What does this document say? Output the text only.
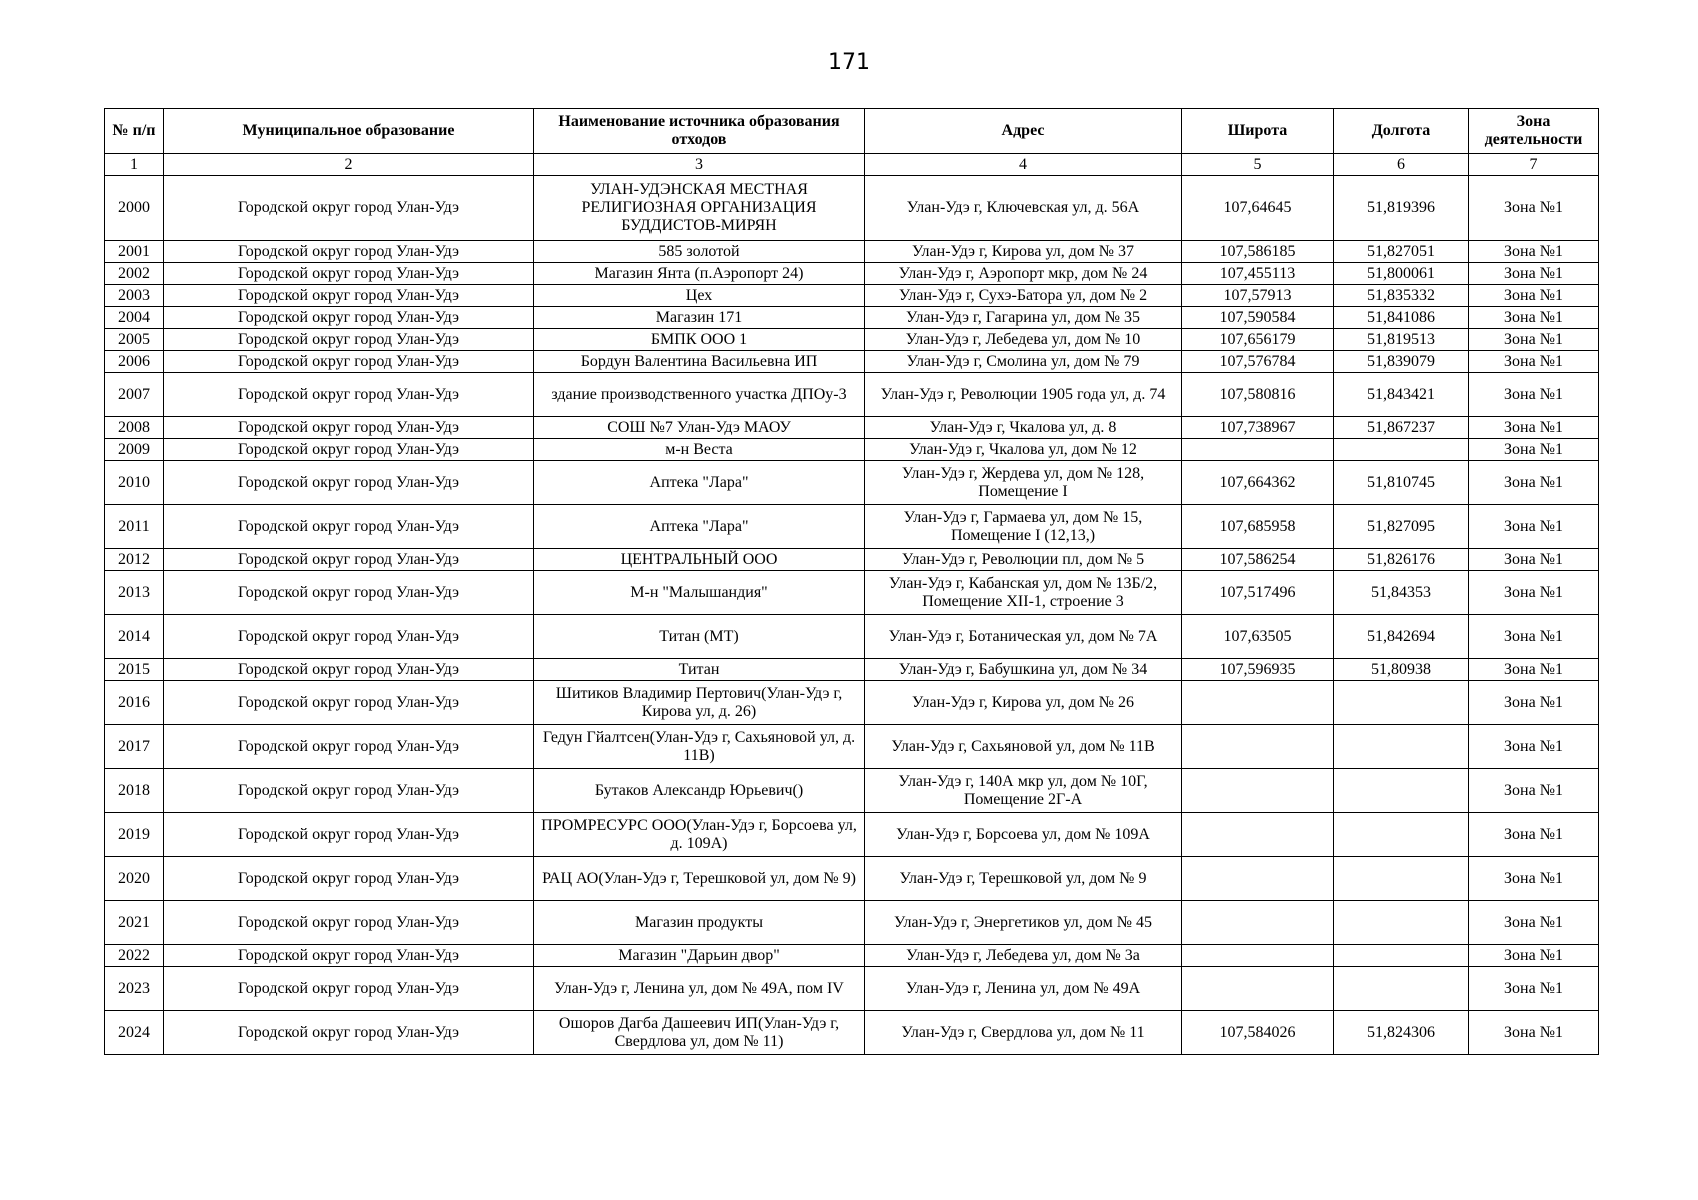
171
№ п/п	Муниципальное образование	Наименование источника образования отходов	Адрес	Широта	Долгота	Зона деятельности
1	2	3	4	5	6	7
2000	Городской округ город Улан-Удэ	УЛАН-УДЭНСКАЯ МЕСТНАЯ РЕЛИГИОЗНАЯ ОРГАНИЗАЦИЯ БУДДИСТОВ-МИРЯН	Улан-Удэ г, Ключевская ул, д. 56А	107,64645	51,819396	Зона №1
2001	Городской округ город Улан-Удэ	585 золотой	Улан-Удэ г, Кирова ул, дом № 37	107,586185	51,827051	Зона №1
2002	Городской округ город Улан-Удэ	Магазин Янта (п.Аэропорт 24)	Улан-Удэ г, Аэропорт мкр, дом № 24	107,455113	51,800061	Зона №1
2003	Городской округ город Улан-Удэ	Цех	Улан-Удэ г, Сухэ-Батора ул, дом № 2	107,57913	51,835332	Зона №1
2004	Городской округ город Улан-Удэ	Магазин 171	Улан-Удэ г, Гагарина ул, дом № 35	107,590584	51,841086	Зона №1
2005	Городской округ город Улан-Удэ	БМПК ООО 1	Улан-Удэ г, Лебедева ул, дом № 10	107,656179	51,819513	Зона №1
2006	Городской округ город Улан-Удэ	Бордун Валентина Васильевна ИП	Улан-Удэ г, Смолина ул, дом № 79	107,576784	51,839079	Зона №1
2007	Городской округ город Улан-Удэ	здание производственного участка ДПОу-3	Улан-Удэ г, Революции 1905 года ул, д. 74	107,580816	51,843421	Зона №1
2008	Городской округ город Улан-Удэ	СОШ №7 Улан-Удэ МАОУ	Улан-Удэ г, Чкалова ул, д. 8	107,738967	51,867237	Зона №1
2009	Городской округ город Улан-Удэ	м-н Веста	Улан-Удэ г, Чкалова ул, дом № 12			Зона №1
2010	Городской округ город Улан-Удэ	Аптека "Лара"	Улан-Удэ г, Жердева ул, дом № 128, Помещение I	107,664362	51,810745	Зона №1
2011	Городской округ город Улан-Удэ	Аптека "Лара"	Улан-Удэ г, Гармаева ул, дом № 15, Помещение I (12,13,)	107,685958	51,827095	Зона №1
2012	Городской округ город Улан-Удэ	ЦЕНТРАЛЬНЫЙ ООО	Улан-Удэ г, Революции пл, дом № 5	107,586254	51,826176	Зона №1
2013	Городской округ город Улан-Удэ	М-н "Малышандия"	Улан-Удэ г, Кабанская ул, дом № 13Б/2, Помещение XII-1, строение 3	107,517496	51,84353	Зона №1
2014	Городской округ город Улан-Удэ	Титан (МТ)	Улан-Удэ г, Ботаническая ул, дом № 7А	107,63505	51,842694	Зона №1
2015	Городской округ город Улан-Удэ	Титан	Улан-Удэ г, Бабушкина ул, дом № 34	107,596935	51,80938	Зона №1
2016	Городской округ город Улан-Удэ	Шитиков Владимир Пертович(Улан-Удэ г, Кирова ул, д. 26)	Улан-Удэ г, Кирова ул, дом № 26			Зона №1
2017	Городской округ город Улан-Удэ	Гедун Гйалтсен(Улан-Удэ г, Сахьяновой ул, д. 11В)	Улан-Удэ г, Сахьяновой ул, дом № 11В			Зона №1
2018	Городской округ город Улан-Удэ	Бутаков Александр Юрьевич()	Улан-Удэ г, 140А мкр ул, дом № 10Г, Помещение 2Г-А			Зона №1
2019	Городской округ город Улан-Удэ	ПРОМРЕСУРС ООО(Улан-Удэ г, Борсоева ул, д. 109А)	Улан-Удэ г, Борсоева ул, дом № 109А			Зона №1
2020	Городской округ город Улан-Удэ	РАЦ АО(Улан-Удэ г, Терешковой ул, дом № 9)	Улан-Удэ г, Терешковой ул, дом № 9			Зона №1
2021	Городской округ город Улан-Удэ	Магазин продукты	Улан-Удэ г, Энергетиков ул, дом № 45			Зона №1
2022	Городской округ город Улан-Удэ	Магазин "Дарьин двор"	Улан-Удэ г, Лебедева ул, дом № 3а			Зона №1
2023	Городской округ город Улан-Удэ	Улан-Удэ г, Ленина ул, дом № 49А, пом IV	Улан-Удэ г, Ленина ул, дом № 49А			Зона №1
2024	Городской округ город Улан-Удэ	Ошоров Дагба Дашеевич ИП(Улан-Удэ г, Свердлова ул, дом № 11)	Улан-Удэ г, Свердлова ул, дом № 11	107,584026	51,824306	Зона №1
